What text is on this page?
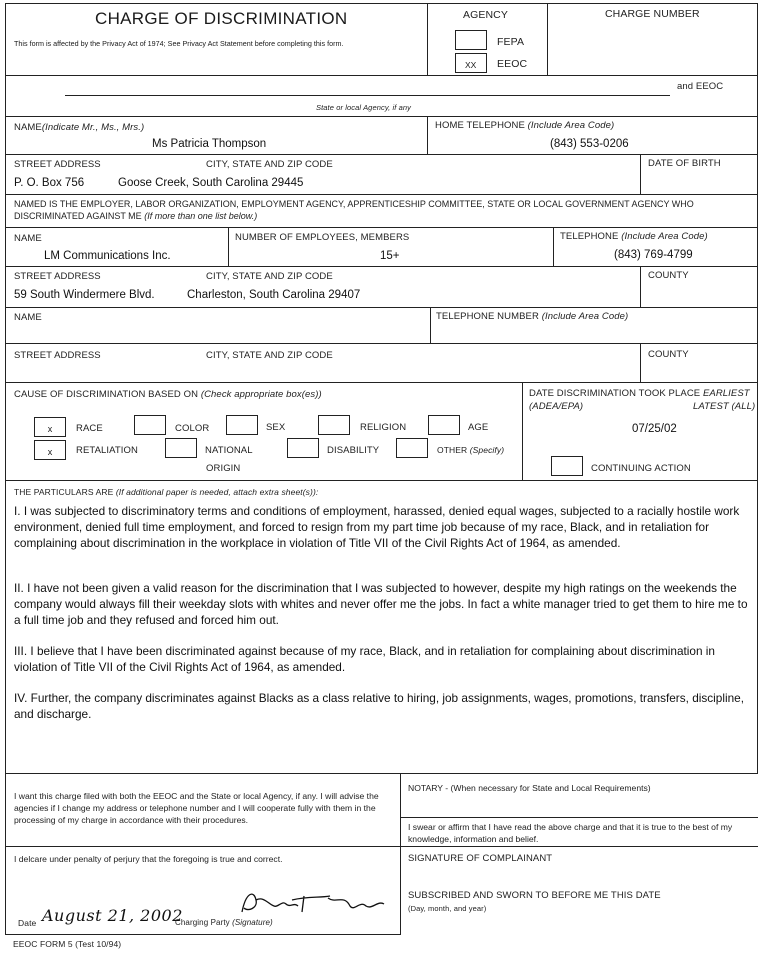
CHARGE OF DISCRIMINATION
This form is affected by the Privacy Act of 1974; See Privacy Act Statement before completing this form.
AGENCY	CHARGE NUMBER
FEPA
XX EEOC
State or local Agency, if any
and EEOC
NAME(Indicate Mr., Ms., Mrs.)
Ms Patricia Thompson
HOME TELEPHONE (Include Area Code)
(843) 553-0206
STREET ADDRESS	CITY, STATE AND ZIP CODE	DATE OF BIRTH
P. O. Box 756	Goose Creek, South Carolina 29445
NAMED IS THE EMPLOYER, LABOR ORGANIZATION, EMPLOYMENT AGENCY, APPRENTICESHIP COMMITTEE, STATE OR LOCAL GOVERNMENT AGENCY WHO DISCRIMINATED AGAINST ME (If more than one list below.)
NAME	NUMBER OF EMPLOYEES, MEMBERS	TELEPHONE (Include Area Code)
LM Communications Inc.	15+	(843) 769-4799
STREET ADDRESS	CITY, STATE AND ZIP CODE	COUNTY
59 South Windermere Blvd.	Charleston, South Carolina 29407
NAME	TELEPHONE NUMBER (Include Area Code)
STREET ADDRESS	CITY, STATE AND ZIP CODE	COUNTY
CAUSE OF DISCRIMINATION BASED ON (Check appropriate box(es))
x	RACE	COLOR	SEX	RELIGION	AGE
x	RETALIATION	NATIONAL
ORIGIN
DISABILITY	OTHER (Specify)
DATE DISCRIMINATION TOOK PLACE EARLIEST
(ADEA/EPA)	LATEST (ALL)
07/25/02
CONTINUING ACTION
THE PARTICULARS ARE (If additional paper is needed, attach extra sheet(s)):
I. I was subjected to discriminatory terms and conditions of employment, harassed, denied equal wages, subjected to a racially hostile work environment, denied full time employment, and forced to resign from my part time job because of my race, Black, and in retaliation for complaining about discrimination in the workplace in violation of Title VII of the Civil Rights Act of 1964, as amended.
II. I have not been given a valid reason for the discrimination that I was subjected to however, despite my high ratings on the weekends the company would always fill their weekday slots with whites and never offer me the jobs. In fact a white manager tried to get them to hire me to a full time job and they refused and forced him out.
III. I believe that I have been discriminated against because of my race, Black, and in retaliation for complaining about discrimination in violation of Title VII of the Civil Rights Act of 1964, as amended.
IV. Further, the company discriminates against Blacks as a class relative to hiring, job assignments, wages, promotions, transfers, discipline, and discharge.
I want this charge filed with both the EEOC and the State or local Agency, if any. I will advise the agencies if I change my address or telephone number and I will cooperate fully with them in the processing of my charge in accordance with their procedures.
NOTARY - (When necessary for State and Local Requirements)
I swear or affirm that I have read the above charge and that it is true to the best of my knowledge, information and belief.
I delcare under penalty of perjury that the foregoing is true and correct.	SIGNATURE OF COMPLAINANT
SUBSCRIBED AND SWORN TO BEFORE ME THIS DATE
(Day, month, and year)
Date August 21, 2002
Charging Party (Signature)
EEOC FORM 5 (Test 10/94)
